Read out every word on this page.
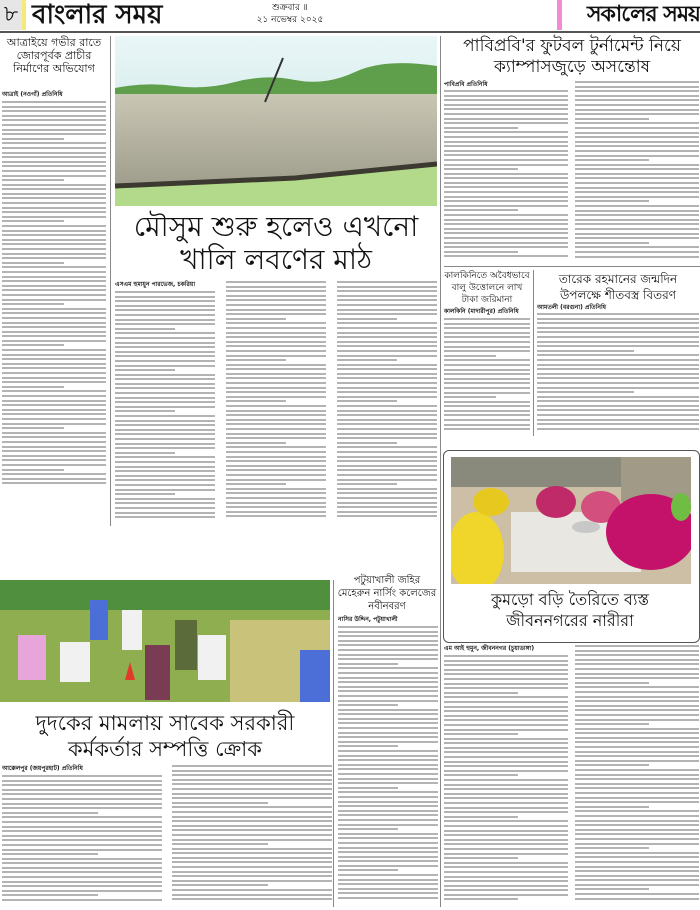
৮ বাংলার সময়	শুক্রবার ॥
২১ নভেম্বর ২০২৫	সকালের সময়
আত্রাইয়ে গভীর রাতে জোরপূর্বক প্রাচীর নির্মাণের অভিযোগ
আত্রাই (নওগাঁ) প্রতিনিধি
মৌসুম শুরু হলেও এখনো
খালি লবণের মাঠ
এসএম হুমায়ুন পারভেজ, চকরিয়া
দুদকের মামলায় সাবেক সরকারী
কর্মকর্তার সম্পত্তি ক্রোক
আক্কেলপুর (জয়পুরহাট) প্রতিনিধি
পটুয়াখালী জহির মেহেরুন নার্সিং কলেজের নবীনবরণ
নাসির উদ্দিন, পটুয়াখালী
পাবিপ্রবি'র ফুটবল টুর্নামেন্ট নিয়ে
ক্যাম্পাসজুড়ে অসন্তোষ
পাবিপ্রবি প্রতিনিধি
কালকিনিতে অবৈধভাবে বালু উত্তোলনে লাখ টাকা জরিমানা
কালকিনি (মাদারীপুর) প্রতিনিধি
তারেক রহমানের জন্মদিন
উপলক্ষে শীতবস্ত্র বিতরণ
আমতলী (বরগুনা) প্রতিনিধি
কুমড়ো বড়ি তৈরিতে ব্যস্ত
জীবননগরের নারীরা
এম আই হুমুন, জীবননগর (চুয়াডাঙ্গা)
